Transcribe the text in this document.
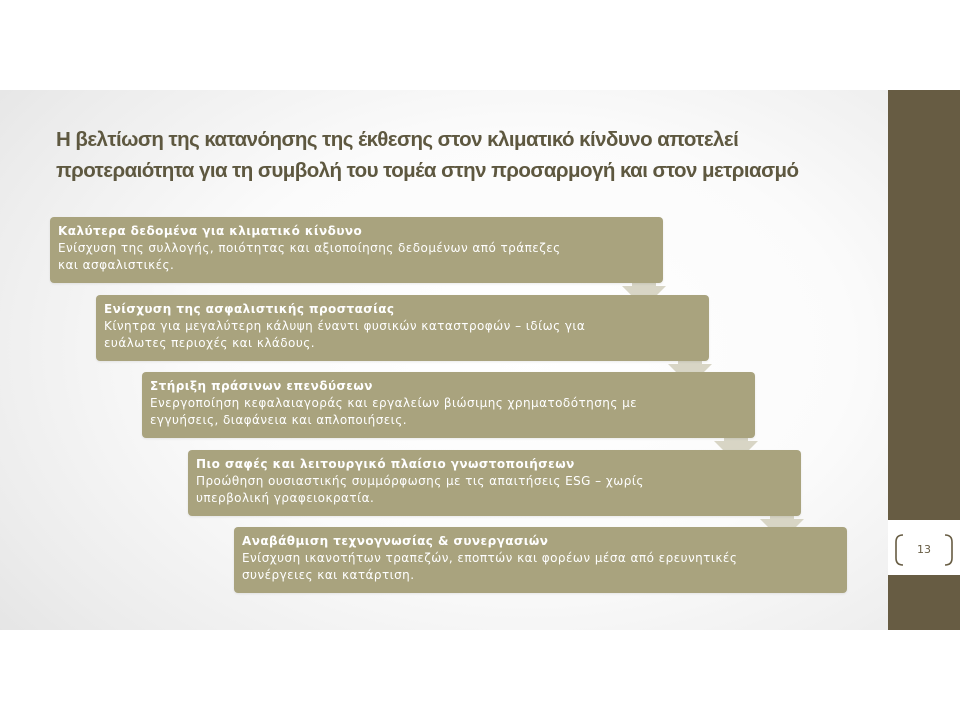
13
Η βελτίωση της κατανόησης της έκθεσης στον κλιματικό κίνδυνο αποτελεί
προτεραιότητα για τη συμβολή του τομέα στην προσαρμογή και στον μετριασμό
Καλύτερα δεδομένα για κλιματικό κίνδυνο
Ενίσχυση της συλλογής, ποιότητας και αξιοποίησης δεδομένων από τράπεζες
και ασφαλιστικές.
Ενίσχυση της ασφαλιστικής προστασίας
Κίνητρα για μεγαλύτερη κάλυψη έναντι φυσικών καταστροφών – ιδίως για
ευάλωτες περιοχές και κλάδους.
Στήριξη πράσινων επενδύσεων
Ενεργοποίηση κεφαλαιαγοράς και εργαλείων βιώσιμης χρηματοδότησης με
εγγυήσεις, διαφάνεια και απλοποιήσεις.
Πιο σαφές και λειτουργικό πλαίσιο γνωστοποιήσεων
Προώθηση ουσιαστικής συμμόρφωσης με τις απαιτήσεις ESG – χωρίς
υπερβολική γραφειοκρατία.
Αναβάθμιση τεχνογνωσίας & συνεργασιών
Ενίσχυση ικανοτήτων τραπεζών, εποπτών και φορέων μέσα από ερευνητικές
συνέργειες και κατάρτιση.
